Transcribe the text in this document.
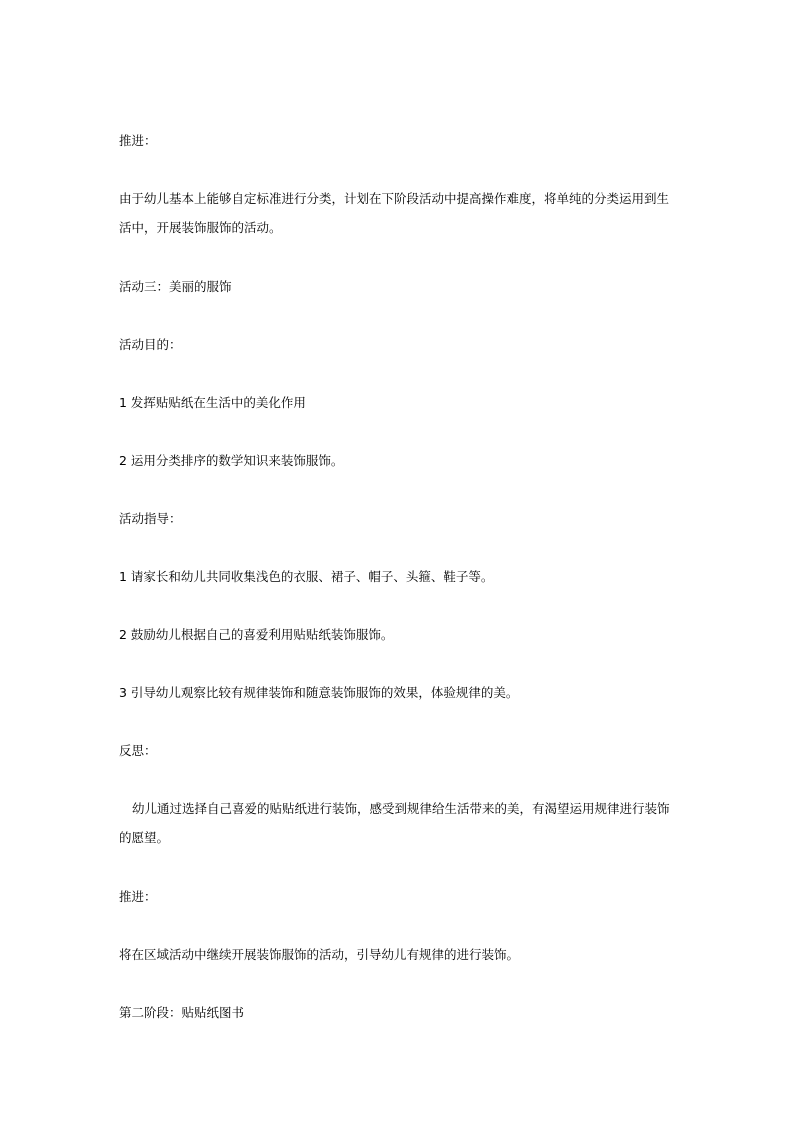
推进：
由于幼儿基本上能够自定标准进行分类，计划在下阶段活动中提高操作难度，将单纯的分类运用到生活中，开展装饰服饰的活动。
活动三：美丽的服饰
活动目的：
1 发挥贴贴纸在生活中的美化作用
2 运用分类排序的数学知识来装饰服饰。
活动指导：
1 请家长和幼儿共同收集浅色的衣服、裙子、帽子、头箍、鞋子等。
2 鼓励幼儿根据自己的喜爱利用贴贴纸装饰服饰。
3 引导幼儿观察比较有规律装饰和随意装饰服饰的效果，体验规律的美。
反思：
幼儿通过选择自己喜爱的贴贴纸进行装饰，感受到规律给生活带来的美，有渴望运用规律进行装饰的愿望。
推进：
将在区域活动中继续开展装饰服饰的活动，引导幼儿有规律的进行装饰。
第二阶段：贴贴纸图书
